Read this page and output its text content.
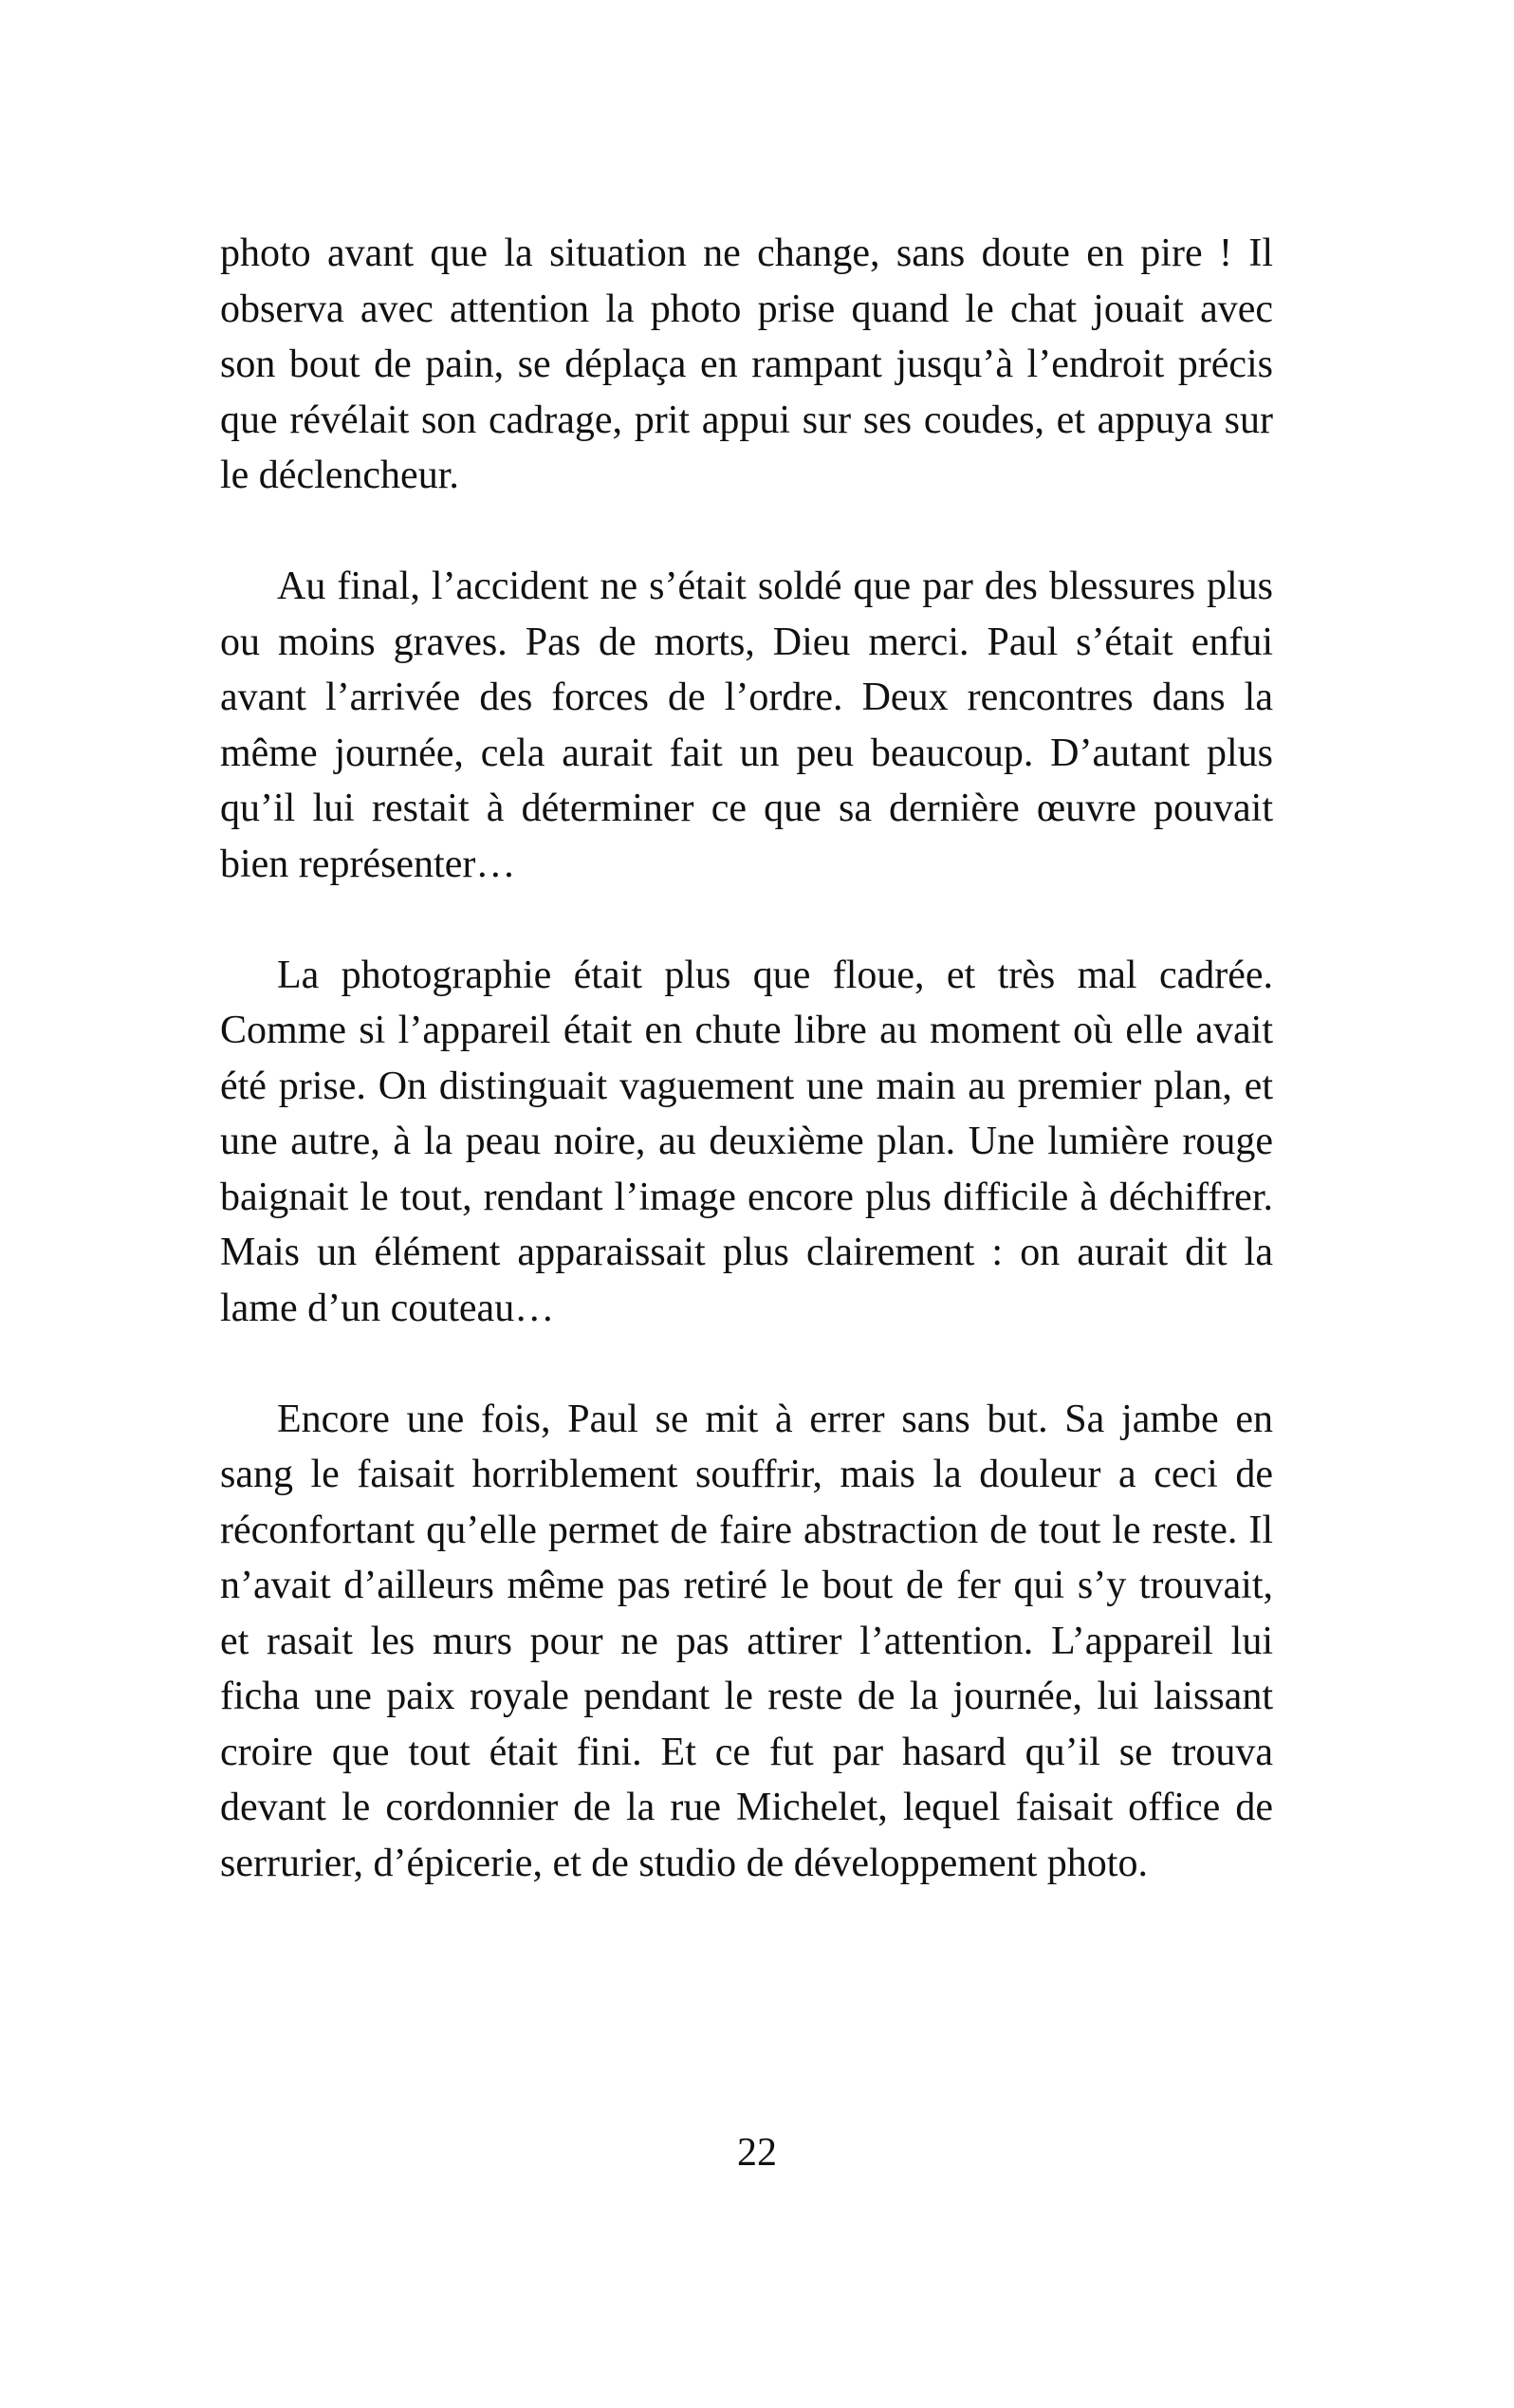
photo avant que la situation ne change, sans doute en pire ! Il observa avec attention la photo prise quand le chat jouait avec son bout de pain, se déplaça en rampant jusqu’à l’endroit précis que révélait son cadrage, prit appui sur ses coudes, et appuya sur le déclencheur.

Au final, l’accident ne s’était soldé que par des blessures plus ou moins graves. Pas de morts, Dieu merci. Paul s’était enfui avant l’arrivée des forces de l’ordre. Deux rencontres dans la même journée, cela aurait fait un peu beaucoup. D’autant plus qu’il lui restait à déterminer ce que sa dernière œuvre pouvait bien représenter…

La photographie était plus que floue, et très mal cadrée. Comme si l’appareil était en chute libre au moment où elle avait été prise. On distinguait vaguement une main au premier plan, et une autre, à la peau noire, au deuxième plan. Une lumière rouge baignait le tout, rendant l’image encore plus difficile à déchiffrer. Mais un élément apparaissait plus clairement : on aurait dit la lame d’un couteau…

Encore une fois, Paul se mit à errer sans but. Sa jambe en sang le faisait horriblement souffrir, mais la douleur a ceci de réconfortant qu’elle permet de faire abstraction de tout le reste. Il n’avait d’ailleurs même pas retiré le bout de fer qui s’y trouvait, et rasait les murs pour ne pas attirer l’attention. L’appareil lui ficha une paix royale pendant le reste de la journée, lui laissant croire que tout était fini. Et ce fut par hasard qu’il se trouva devant le cordonnier de la rue Michelet, lequel faisait office de serrurier, d’épicerie, et de studio de développement photo.

22
